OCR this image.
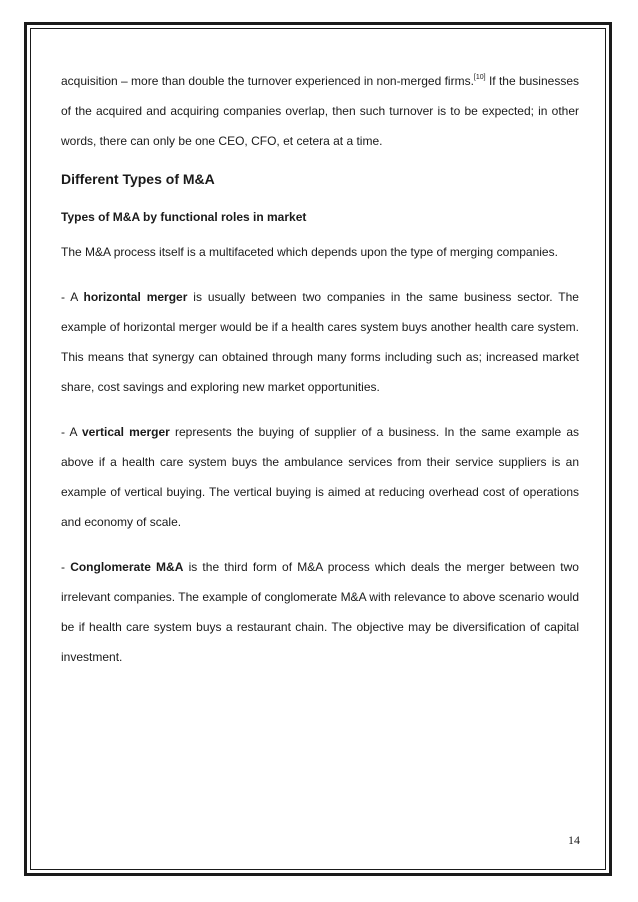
acquisition – more than double the turnover experienced in non-merged firms.[10] If the businesses of the acquired and acquiring companies overlap, then such turnover is to be expected; in other words, there can only be one CEO, CFO, et cetera at a time.

Different Types of M&A
Types of M&A by functional roles in market

The M&A process itself is a multifaceted which depends upon the type of merging companies.

- A horizontal merger is usually between two companies in the same business sector. The example of horizontal merger would be if a health cares system buys another health care system. This means that synergy can obtained through many forms including such as; increased market share, cost savings and exploring new market opportunities.

- A vertical merger represents the buying of supplier of a business. In the same example as above if a health care system buys the ambulance services from their service suppliers is an example of vertical buying. The vertical buying is aimed at reducing overhead cost of operations and economy of scale.

- Conglomerate M&A is the third form of M&A process which deals the merger between two irrelevant companies. The example of conglomerate M&A with relevance to above scenario would be if health care system buys a restaurant chain. The objective may be diversification of capital investment.

14
